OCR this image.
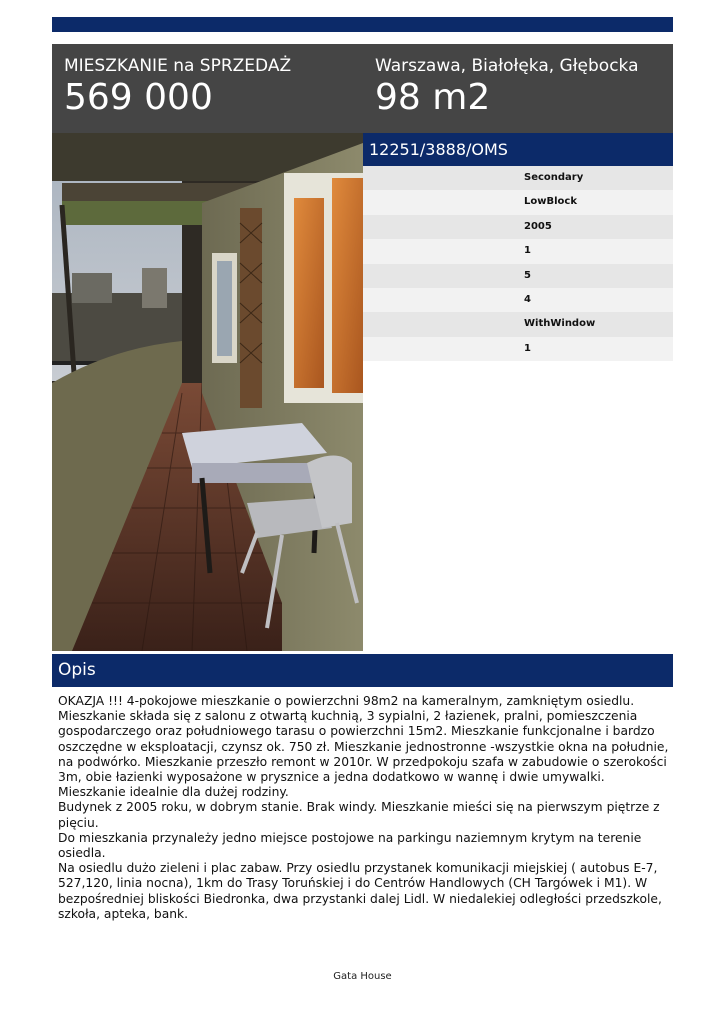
MIESZKANIE na SPRZEDAŻ
569 000
Warszawa, Białołęka, Głębocka
98 m2
12251/3888/OMS
Secondary
LowBlock
2005
1
5
4
WithWindow
1
Opis

OKAZJA !!! 4-pokojowe mieszkanie o powierzchni 98m2 na kameralnym, zamkniętym osiedlu. Mieszkanie składa się z salonu z otwartą kuchnią, 3 sypialni, 2 łazienek, pralni, pomieszczenia gospodarczego oraz południowego tarasu o powierzchni 15m2. Mieszkanie funkcjonalne i bardzo oszczędne w eksploatacji, czynsz ok. 750 zł. Mieszkanie jednostronne -wszystkie okna na południe, na podwórko. Mieszkanie przeszło remont w 2010r. W przedpokoju szafa w zabudowie o szerokości 3m, obie łazienki wyposażone w prysznice a jedna dodatkowo w wannę i dwie umywalki. Mieszkanie idealnie dla dużej rodziny.

Budynek z 2005 roku, w dobrym stanie. Brak windy. Mieszkanie mieści się na pierwszym piętrze z pięciu.

Do mieszkania przynależy jedno miejsce postojowe na parkingu naziemnym krytym na terenie osiedla.

Na osiedlu dużo zieleni i plac zabaw. Przy osiedlu przystanek komunikacji miejskiej ( autobus E-7, 527,120, linia nocna), 1km do Trasy Toruńskiej i do Centrów Handlowych (CH Targówek i M1). W bezpośredniej bliskości Biedronka, dwa przystanki dalej Lidl. W niedalekiej odległości przedszkole, szkoła, apteka, bank.

Gata House
